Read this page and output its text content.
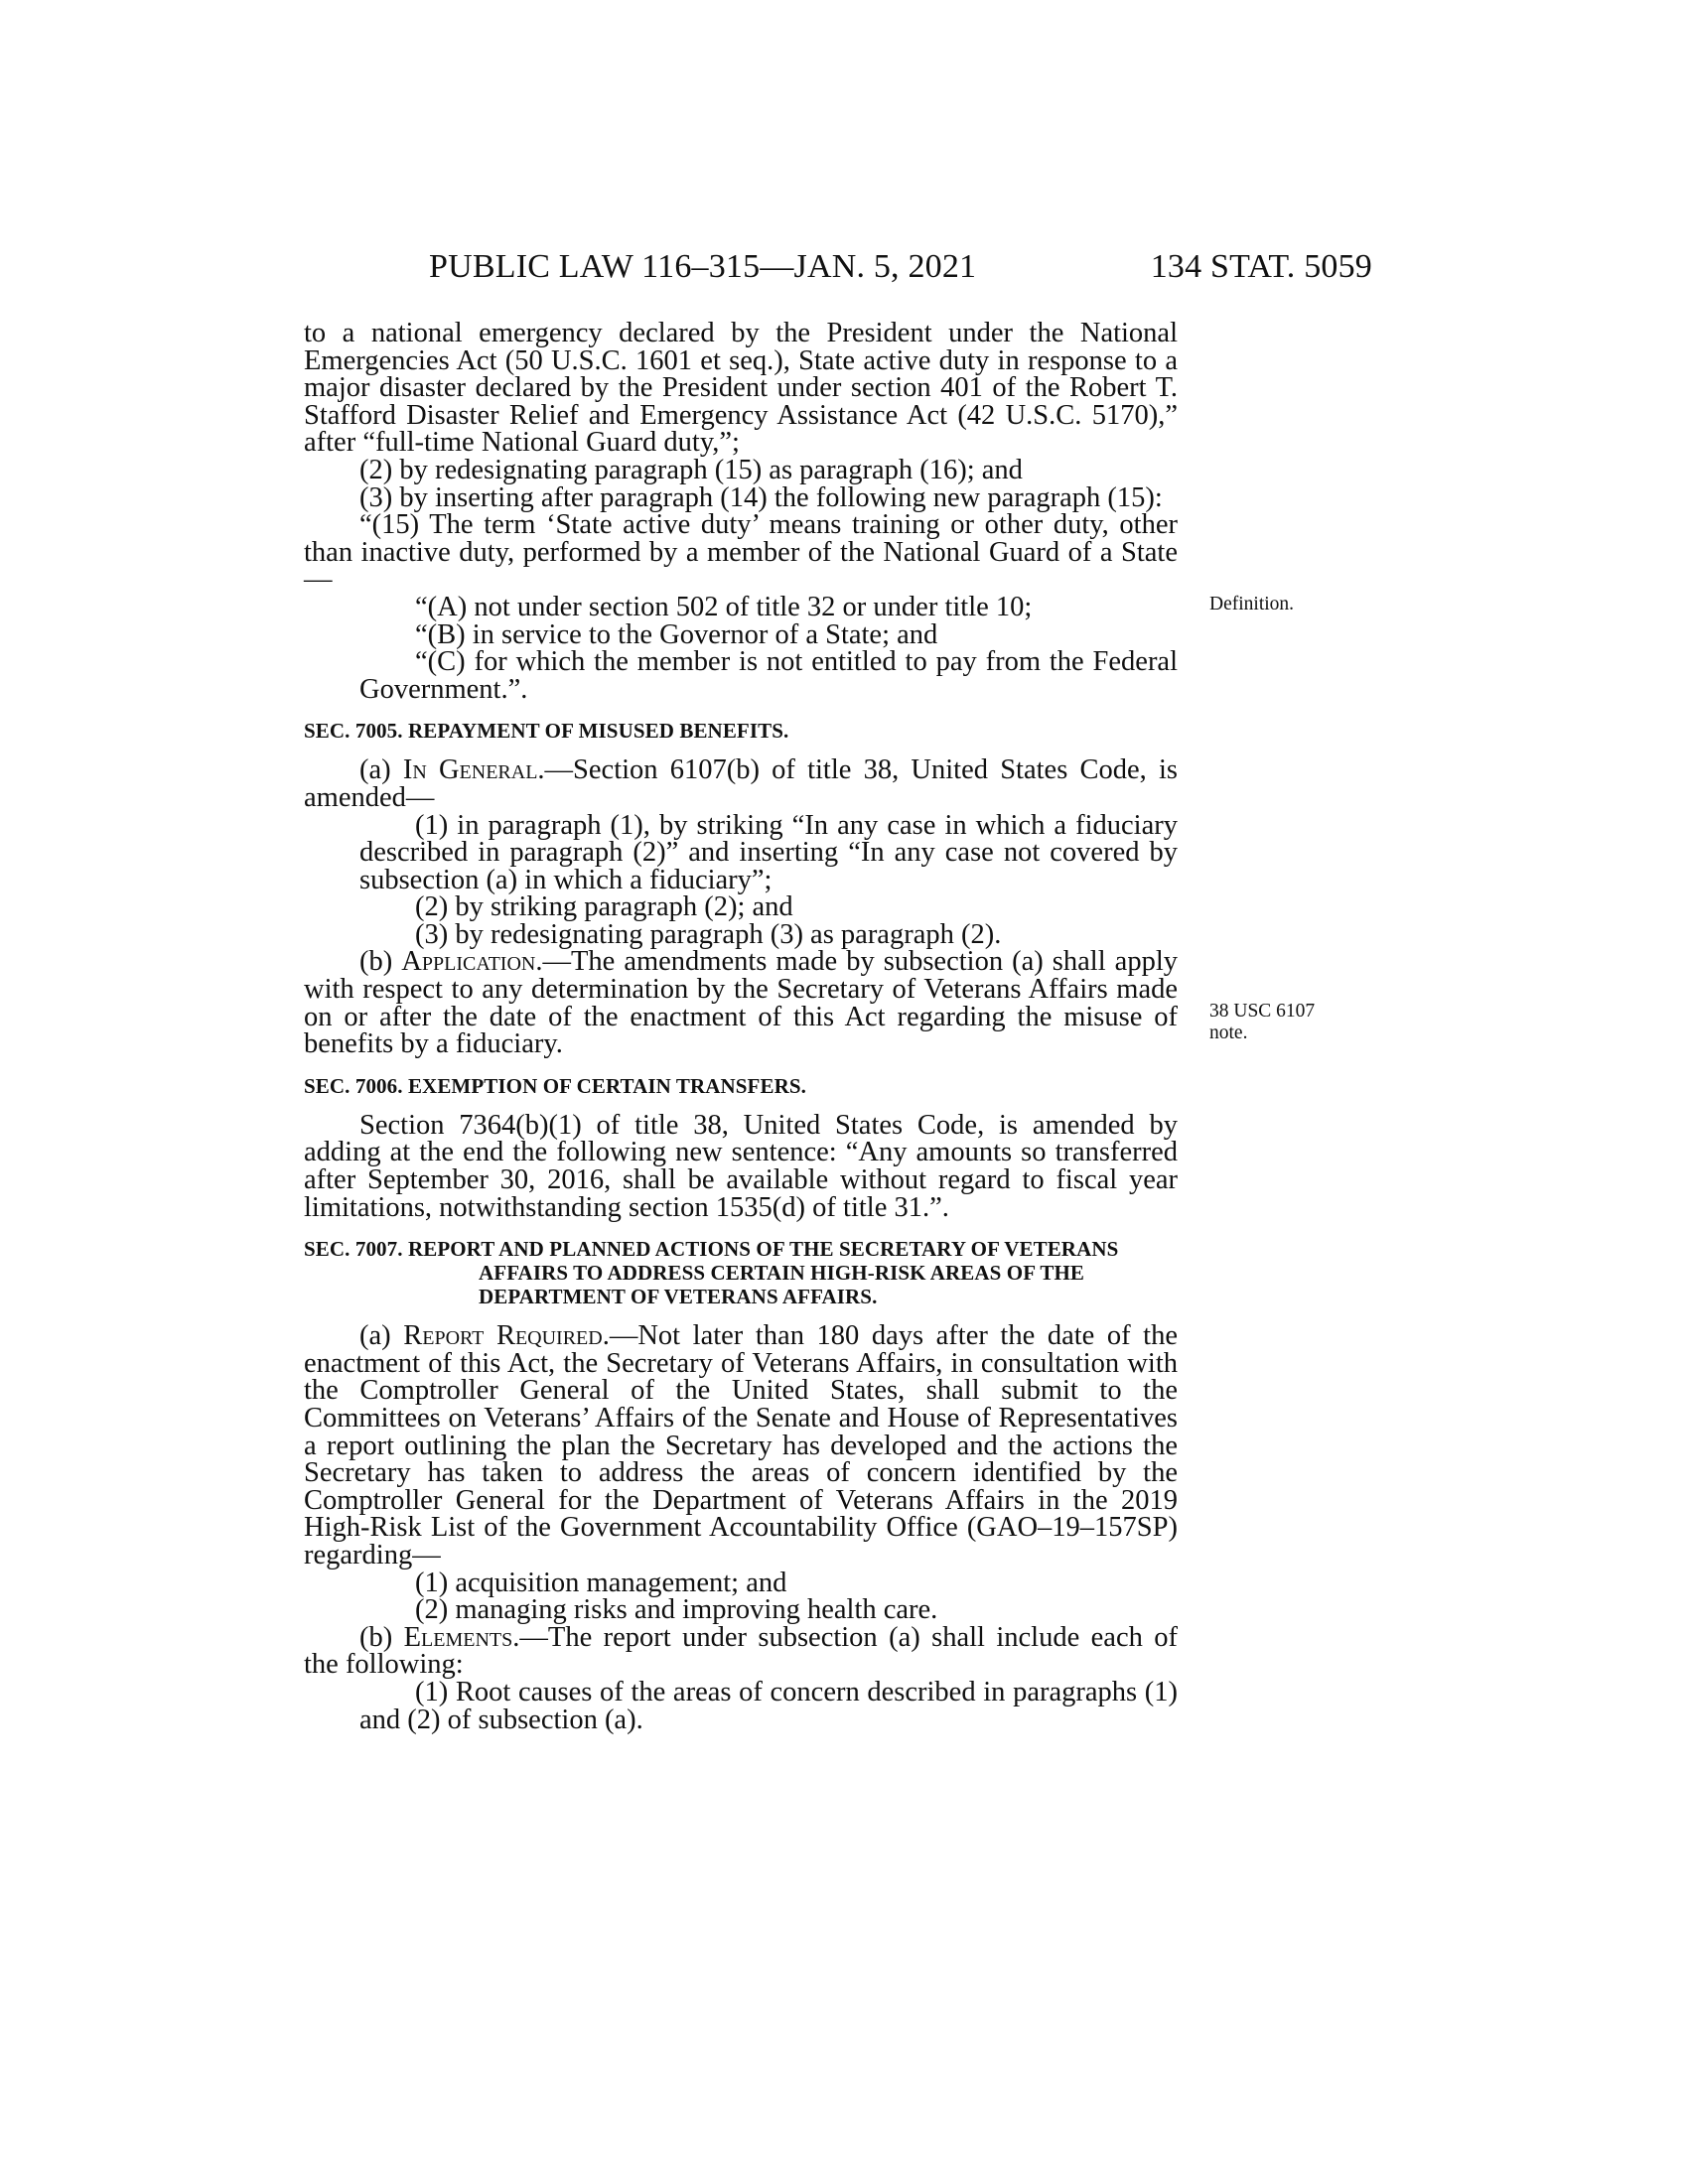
PUBLIC LAW 116–315—JAN. 5, 2021	134 STAT. 5059
Definition.
38 USC 6107
note.

to a national emergency declared by the President under the National Emergencies Act (50 U.S.C. 1601 et seq.), State active duty in response to a major disaster declared by the President under section 401 of the Robert T. Stafford Disaster Relief and Emergency Assistance Act (42 U.S.C. 5170),” after “full-time National Guard duty,”;

(2) by redesignating paragraph (15) as paragraph (16); and

(3) by inserting after paragraph (14) the following new paragraph (15):

“(15) The term ‘State active duty’ means training or other duty, other than inactive duty, performed by a member of the National Guard of a State—

“(A) not under section 502 of title 32 or under title 10;

“(B) in service to the Governor of a State; and

“(C) for which the member is not entitled to pay from the Federal Government.”.

SEC. 7005. REPAYMENT OF MISUSED BENEFITS.

(a) In General.—Section 6107(b) of title 38, United States Code, is amended—

(1) in paragraph (1), by striking “In any case in which a fiduciary described in paragraph (2)” and inserting “In any case not covered by subsection (a) in which a fiduciary”;

(2) by striking paragraph (2); and

(3) by redesignating paragraph (3) as paragraph (2).

(b) Application.—The amendments made by subsection (a) shall apply with respect to any determination by the Secretary of Veterans Affairs made on or after the date of the enactment of this Act regarding the misuse of benefits by a fiduciary.

SEC. 7006. EXEMPTION OF CERTAIN TRANSFERS.

Section 7364(b)(1) of title 38, United States Code, is amended by adding at the end the following new sentence: “Any amounts so transferred after September 30, 2016, shall be available without regard to fiscal year limitations, notwithstanding section 1535(d) of title 31.”.

SEC. 7007. REPORT AND PLANNED ACTIONS OF THE SECRETARY OF VETERANS AFFAIRS TO ADDRESS CERTAIN HIGH-RISK AREAS OF THE DEPARTMENT OF VETERANS AFFAIRS.

(a) Report Required.—Not later than 180 days after the date of the enactment of this Act, the Secretary of Veterans Affairs, in consultation with the Comptroller General of the United States, shall submit to the Committees on Veterans’ Affairs of the Senate and House of Representatives a report outlining the plan the Secretary has developed and the actions the Secretary has taken to address the areas of concern identified by the Comptroller General for the Department of Veterans Affairs in the 2019 High-Risk List of the Government Accountability Office (GAO–19–157SP) regarding—

(1) acquisition management; and

(2) managing risks and improving health care.

(b) Elements.—The report under subsection (a) shall include each of the following:

(1) Root causes of the areas of concern described in paragraphs (1) and (2) of subsection (a).
